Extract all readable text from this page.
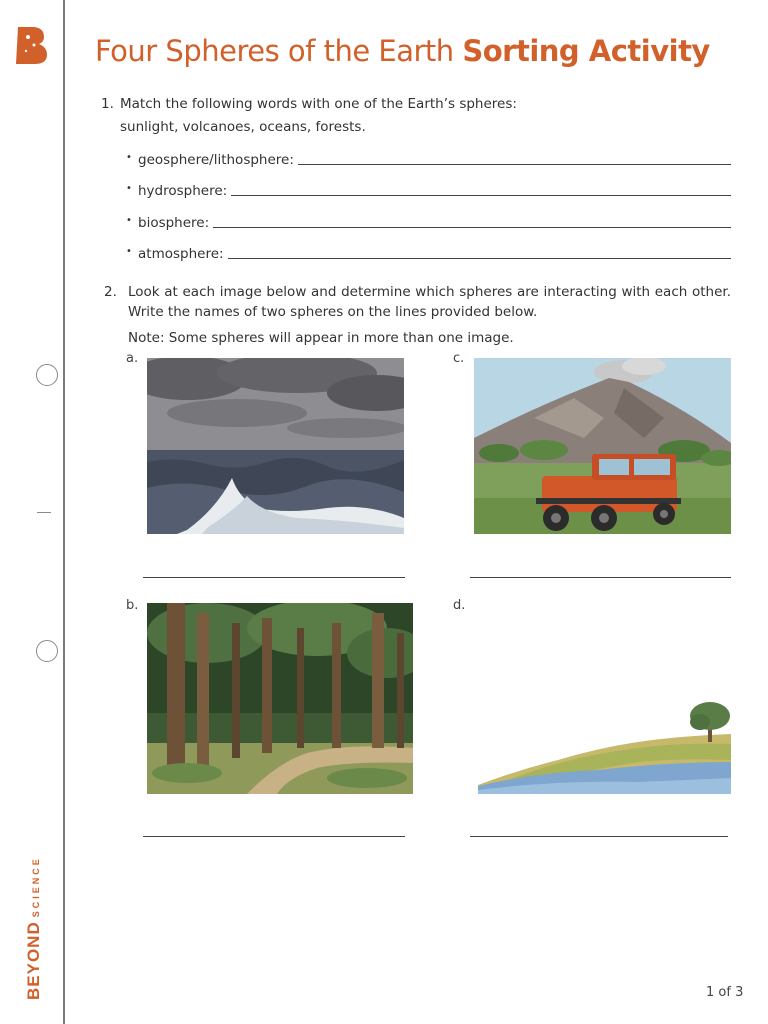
BEYONDSCIENCE
Four Spheres of the Earth Sorting Activity
1. Match the following words with one of the Earth’s spheres:
sunlight, volcanoes, oceans, forests.
• geosphere/lithosphere:
• hydrosphere:
• biosphere:
• atmosphere:
2. Look at each image below and determine which spheres are interacting with each other. Write the names of two spheres on the lines provided below.
Note: Some spheres will appear in more than one image.
a.	c.
b.	d.
1 of 3
